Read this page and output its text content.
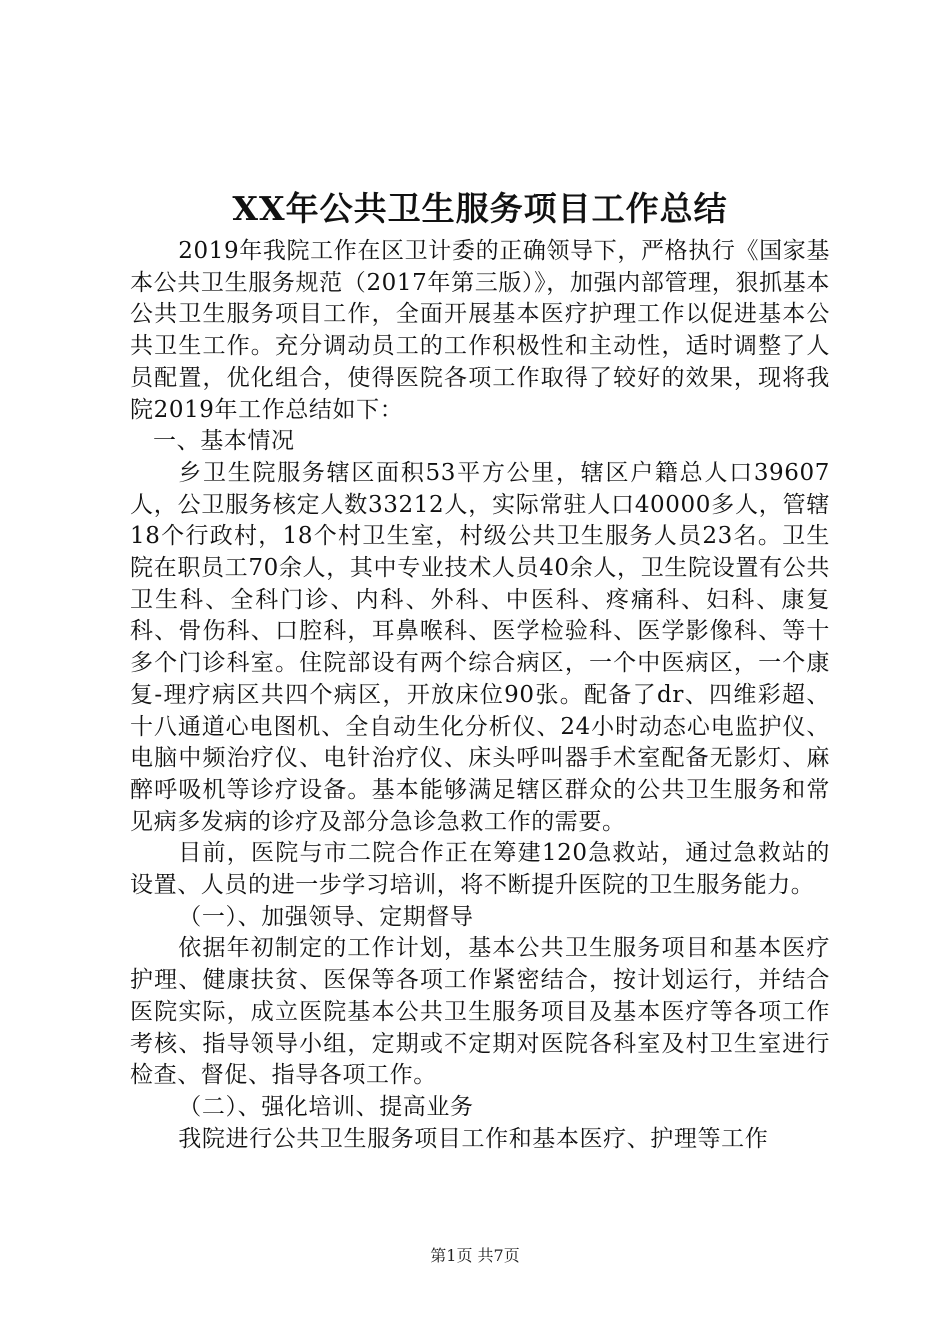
XX年公共卫生服务项目工作总结

2019年我院工作在区卫计委的正确领导下，严格执行《国家基本公共卫生服务规范（2017年第三版）》，加强内部管理，狠抓基本公共卫生服务项目工作，全面开展基本医疗护理工作以促进基本公共卫生工作。充分调动员工的工作积极性和主动性，适时调整了人员配置，优化组合，使得医院各项工作取得了较好的效果，现将我院2019年工作总结如下：

一、基本情况

乡卫生院服务辖区面积53平方公里，辖区户籍总人口39607人，公卫服务核定人数33212人，实际常驻人口40000多人，管辖18个行政村，18个村卫生室，村级公共卫生服务人员23名。卫生院在职员工70余人，其中专业技术人员40余人，卫生院设置有公共卫生科、全科门诊、内科、外科、中医科、疼痛科、妇科、康复科、骨伤科、口腔科，耳鼻喉科、医学检验科、医学影像科、等十多个门诊科室。住院部设有两个综合病区，一个中医病区，一个康复-理疗病区共四个病区，开放床位90张。配备了dr、四维彩超、十八通道心电图机、全自动生化分析仪、24小时动态心电监护仪、电脑中频治疗仪、电针治疗仪、床头呼叫器手术室配备无影灯、麻醉呼吸机等诊疗设备。基本能够满足辖区群众的公共卫生服务和常见病多发病的诊疗及部分急诊急救工作的需要。

目前，医院与市二院合作正在筹建120急救站，通过急救站的设置、人员的进一步学习培训，将不断提升医院的卫生服务能力。

（一）、加强领导、定期督导

依据年初制定的工作计划，基本公共卫生服务项目和基本医疗护理、健康扶贫、医保等各项工作紧密结合，按计划运行，并结合医院实际，成立医院基本公共卫生服务项目及基本医疗等各项工作考核、指导领导小组，定期或不定期对医院各科室及村卫生室进行检查、督促、指导各项工作。

（二）、强化培训、提高业务

我院进行公共卫生服务项目工作和基本医疗、护理等工作

第1页 共7页
